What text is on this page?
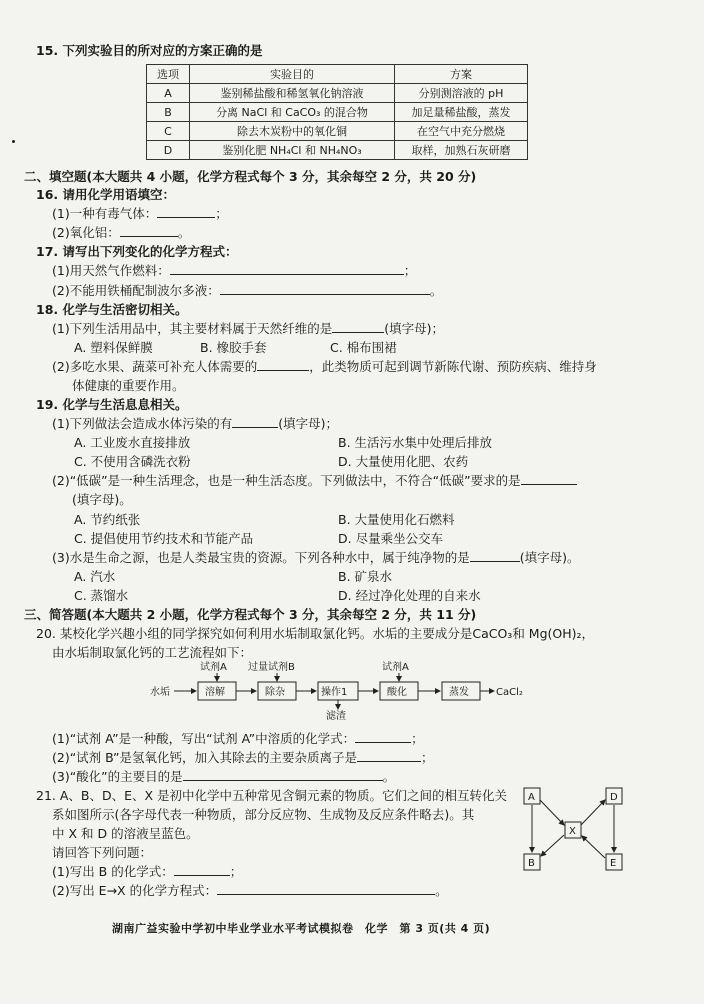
15. 下列实验目的所对应的方案正确的是
选项	实验目的	方案
A	鉴别稀盐酸和稀氢氧化钠溶液	分别测溶液的 pH
B	分离 NaCl 和 CaCO₃ 的混合物	加足量稀盐酸，蒸发
C	除去木炭粉中的氧化铜	在空气中充分燃烧
D	鉴别化肥 NH₄Cl 和 NH₄NO₃	取样，加熟石灰研磨
二、填空题(本大题共 4 小题，化学方程式每个 3 分，其余每空 2 分，共 20 分)
16. 请用化学用语填空：
(1)一种有毒气体：	；
(2)氧化铝：	。
17. 请写出下列变化的化学方程式：
(1)用天然气作燃料：	；
(2)不能用铁桶配制波尔多液：	。
18. 化学与生活密切相关。
(1)下列生活用品中，其主要材料属于天然纤维的是	(填字母)；
A. 塑料保鲜膜	B. 橡胶手套	C. 棉布围裙
(2)多吃水果、蔬菜可补充人体需要的	，此类物质可起到调节新陈代谢、预防疾病、维持身
体健康的重要作用。
19. 化学与生活息息相关。
(1)下列做法会造成水体污染的有	(填字母)；
A. 工业废水直接排放	B. 生活污水集中处理后排放
C. 不使用含磷洗衣粉	D. 大量使用化肥、农药
(2)“低碳”是一种生活理念，也是一种生活态度。下列做法中，不符合“低碳”要求的是
(填字母)。
A. 节约纸张	B. 大量使用化石燃料
C. 提倡使用节约技术和节能产品	D. 尽量乘坐公交车
(3)水是生命之源，也是人类最宝贵的资源。下列各种水中，属于纯净物的是	(填字母)。
A. 汽水	B. 矿泉水
C. 蒸馏水	D. 经过净化处理的自来水
三、简答题(本大题共 2 小题，化学方程式每个 3 分，其余每空 2 分，共 11 分)
20. 某校化学兴趣小组的同学探究如何利用水垢制取氯化钙。水垢的主要成分是CaCO₃和 Mg(OH)₂，
由水垢制取氯化钙的工艺流程如下：
水垢	溶解	除杂	操作1	酸化	蒸发	CaCl₂
试剂A 过量试剂B	试剂A
滤渣
(1)“试剂 A”是一种酸，写出“试剂 A”中溶质的化学式：	；
(2)“试剂 B”是氢氧化钙，加入其除去的主要杂质离子是	；
(3)“酸化”的主要目的是	。
21. A、B、D、E、X 是初中化学中五种常见含铜元素的物质。它们之间的相互转化关
系如图所示(各字母代表一种物质，部分反应物、生成物及反应条件略去)。其
中 X 和 D 的溶液呈蓝色。
请回答下列问题：
(1)写出 B 的化学式：	；
(2)写出 E→X 的化学方程式：	。
A	D
X
B	E
湖南广益实验中学初中毕业学业水平考试模拟卷　化学　第 3 页(共 4 页)
